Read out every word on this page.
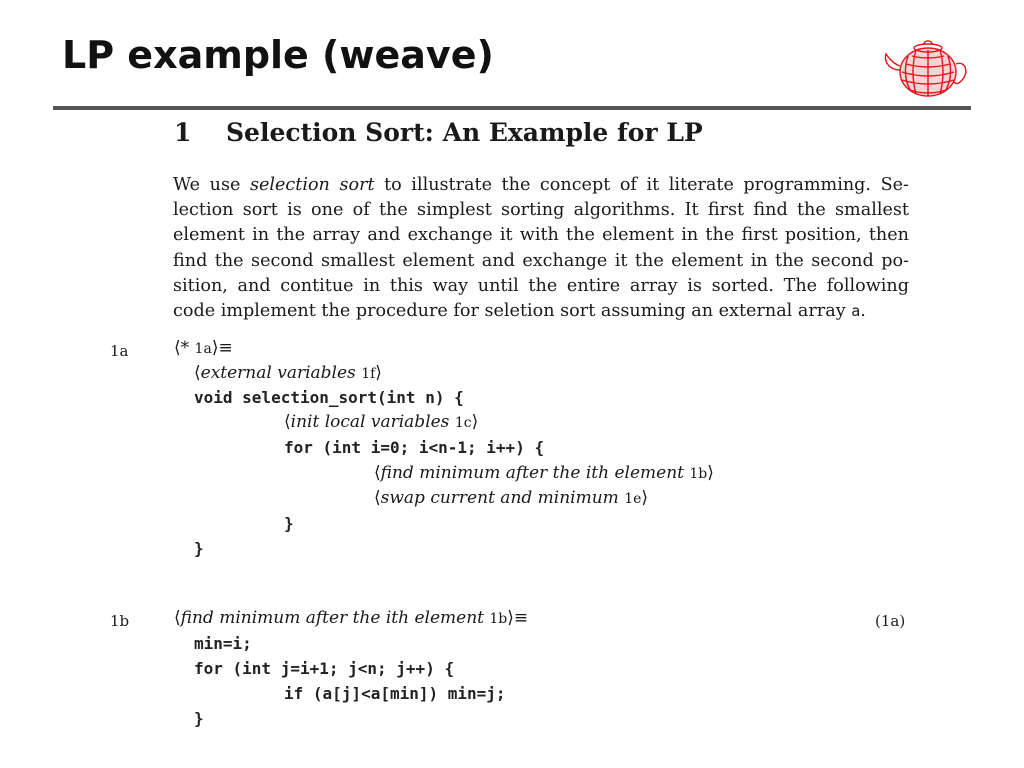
LP example (weave)
1 Selection Sort: An Example for LP
We use selection sort to illustrate the concept of it literate programming. Se-
lection sort is one of the simplest sorting algorithms. It first find the smallest
element in the array and exchange it with the element in the first position, then
find the second smallest element and exchange it the element in the second po-
sition, and contitue in this way until the entire array is sorted. The following
code implement the procedure for seletion sort assuming an external array a.
1a	⟨* 1a⟩≡
⟨external variables 1f⟩
void selection_sort(int n) {
⟨init local variables 1c⟩
for (int i=0; i<n-1; i++) {
⟨find minimum after the ith element 1b⟩
⟨swap current and minimum 1e⟩
}
}
1b	⟨find minimum after the ith element 1b⟩≡	(1a)
min=i;
for (int j=i+1; j<n; j++) {
if (a[j]<a[min]) min=j;
}
